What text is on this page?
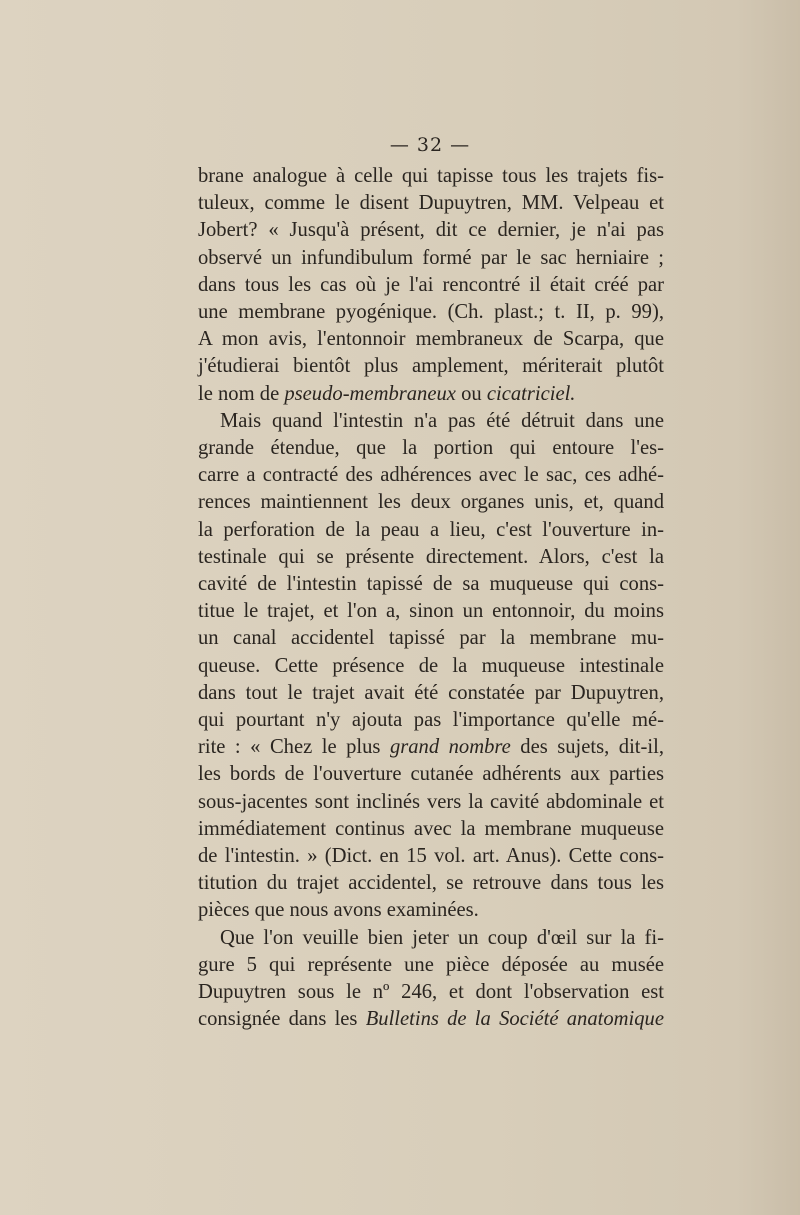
— 32 —
brane analogue à celle qui tapisse tous les trajets fis-
tuleux, comme le disent Dupuytren, MM. Velpeau et
Jobert? « Jusqu'à présent, dit ce dernier, je n'ai pas
observé un infundibulum formé par le sac herniaire ;
dans tous les cas où je l'ai rencontré il était créé par
une membrane pyogénique. (Ch. plast.; t. II, p. 99),
A mon avis, l'entonnoir membraneux de Scarpa, que
j'étudierai bientôt plus amplement, mériterait plutôt
le nom de pseudo-membraneux ou cicatriciel.
Mais quand l'intestin n'a pas été détruit dans une
grande étendue, que la portion qui entoure l'es-
carre a contracté des adhérences avec le sac, ces adhé-
rences maintiennent les deux organes unis, et, quand
la perforation de la peau a lieu, c'est l'ouverture in-
testinale qui se présente directement. Alors, c'est la
cavité de l'intestin tapissé de sa muqueuse qui cons-
titue le trajet, et l'on a, sinon un entonnoir, du moins
un canal accidentel tapissé par la membrane mu-
queuse. Cette présence de la muqueuse intestinale
dans tout le trajet avait été constatée par Dupuytren,
qui pourtant n'y ajouta pas l'importance qu'elle mé-
rite : « Chez le plus grand nombre des sujets, dit-il,
les bords de l'ouverture cutanée adhérents aux parties
sous-jacentes sont inclinés vers la cavité abdominale et
immédiatement continus avec la membrane muqueuse
de l'intestin. » (Dict. en 15 vol. art. Anus). Cette cons-
titution du trajet accidentel, se retrouve dans tous les
pièces que nous avons examinées.
Que l'on veuille bien jeter un coup d'œil sur la fi-
gure 5 qui représente une pièce déposée au musée
Dupuytren sous le nº 246, et dont l'observation est
consignée dans les Bulletins de la Société anatomique
